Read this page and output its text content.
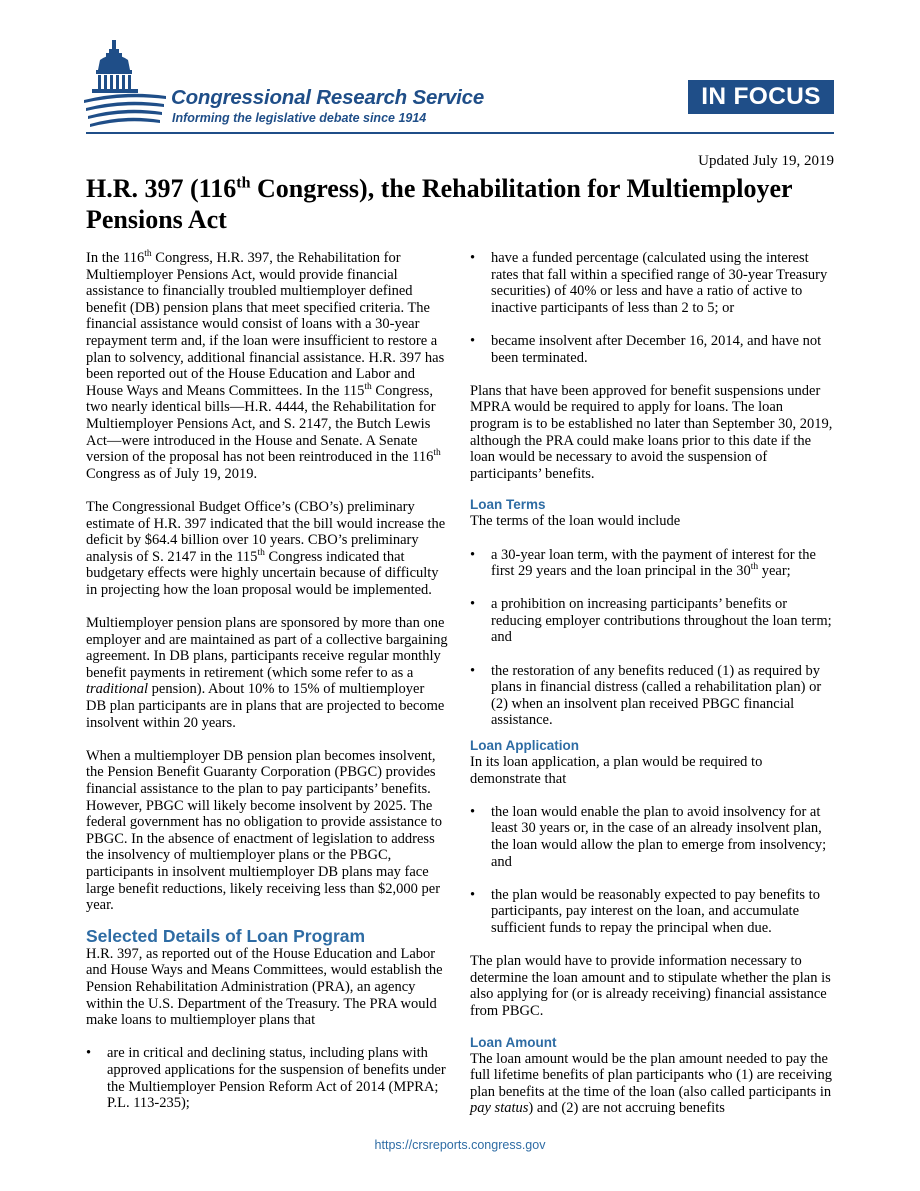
Congressional Research Service
Informing the legislative debate since 1914
IN FOCUS
Updated July 19, 2019
H.R. 397 (116th Congress), the Rehabilitation for Multiemployer Pensions Act

In the 116th Congress, H.R. 397, the Rehabilitation for Multiemployer Pensions Act, would provide financial assistance to financially troubled multiemployer defined benefit (DB) pension plans that meet specified criteria. The financial assistance would consist of loans with a 30-year repayment term and, if the loan were insufficient to restore a plan to solvency, additional financial assistance. H.R. 397 has been reported out of the House Education and Labor and House Ways and Means Committees. In the 115th Congress, two nearly identical bills—H.R. 4444, the Rehabilitation for Multiemployer Pensions Act, and S. 2147, the Butch Lewis Act—were introduced in the House and Senate. A Senate version of the proposal has not been reintroduced in the 116th Congress as of July 19, 2019.

The Congressional Budget Office’s (CBO’s) preliminary estimate of H.R. 397 indicated that the bill would increase the deficit by $64.4 billion over 10 years. CBO’s preliminary analysis of S. 2147 in the 115th Congress indicated that budgetary effects were highly uncertain because of difficulty in projecting how the loan proposal would be implemented.

Multiemployer pension plans are sponsored by more than one employer and are maintained as part of a collective bargaining agreement. In DB plans, participants receive regular monthly benefit payments in retirement (which some refer to as a traditional pension). About 10% to 15% of multiemployer DB plan participants are in plans that are projected to become insolvent within 20 years.

When a multiemployer DB pension plan becomes insolvent, the Pension Benefit Guaranty Corporation (PBGC) provides financial assistance to the plan to pay participants’ benefits. However, PBGC will likely become insolvent by 2025. The federal government has no obligation to provide assistance to PBGC. In the absence of enactment of legislation to address the insolvency of multiemployer plans or the PBGC, participants in insolvent multiemployer DB plans may face large benefit reductions, likely receiving less than $2,000 per year.

Selected Details of Loan Program

H.R. 397, as reported out of the House Education and Labor and House Ways and Means Committees, would establish the Pension Rehabilitation Administration (PRA), an agency within the U.S. Department of the Treasury. The PRA would make loans to multiemployer plans that

• are in critical and declining status, including plans with approved applications for the suspension of benefits under the Multiemployer Pension Reform Act of 2014 (MPRA; P.L. 113-235);
• have a funded percentage (calculated using the interest rates that fall within a specified range of 30-year Treasury securities) of 40% or less and have a ratio of active to inactive participants of less than 2 to 5; or
• became insolvent after December 16, 2014, and have not been terminated.

Plans that have been approved for benefit suspensions under MPRA would be required to apply for loans. The loan program is to be established no later than September 30, 2019, although the PRA could make loans prior to this date if the loan would be necessary to avoid the suspension of participants’ benefits.

Loan Terms

The terms of the loan would include

• a 30-year loan term, with the payment of interest for the first 29 years and the loan principal in the 30th year;
• a prohibition on increasing participants’ benefits or reducing employer contributions throughout the loan term; and
• the restoration of any benefits reduced (1) as required by plans in financial distress (called a rehabilitation plan) or (2) when an insolvent plan received PBGC financial assistance.
Loan Application

In its loan application, a plan would be required to demonstrate that

• the loan would enable the plan to avoid insolvency for at least 30 years or, in the case of an already insolvent plan, the loan would allow the plan to emerge from insolvency; and
• the plan would be reasonably expected to pay benefits to participants, pay interest on the loan, and accumulate sufficient funds to repay the principal when due.

The plan would have to provide information necessary to determine the loan amount and to stipulate whether the plan is also applying for (or is already receiving) financial assistance from PBGC.

Loan Amount

The loan amount would be the plan amount needed to pay the full lifetime benefits of plan participants who (1) are receiving plan benefits at the time of the loan (also called participants in pay status) and (2) are not accruing benefits

https://crsreports.congress.gov
